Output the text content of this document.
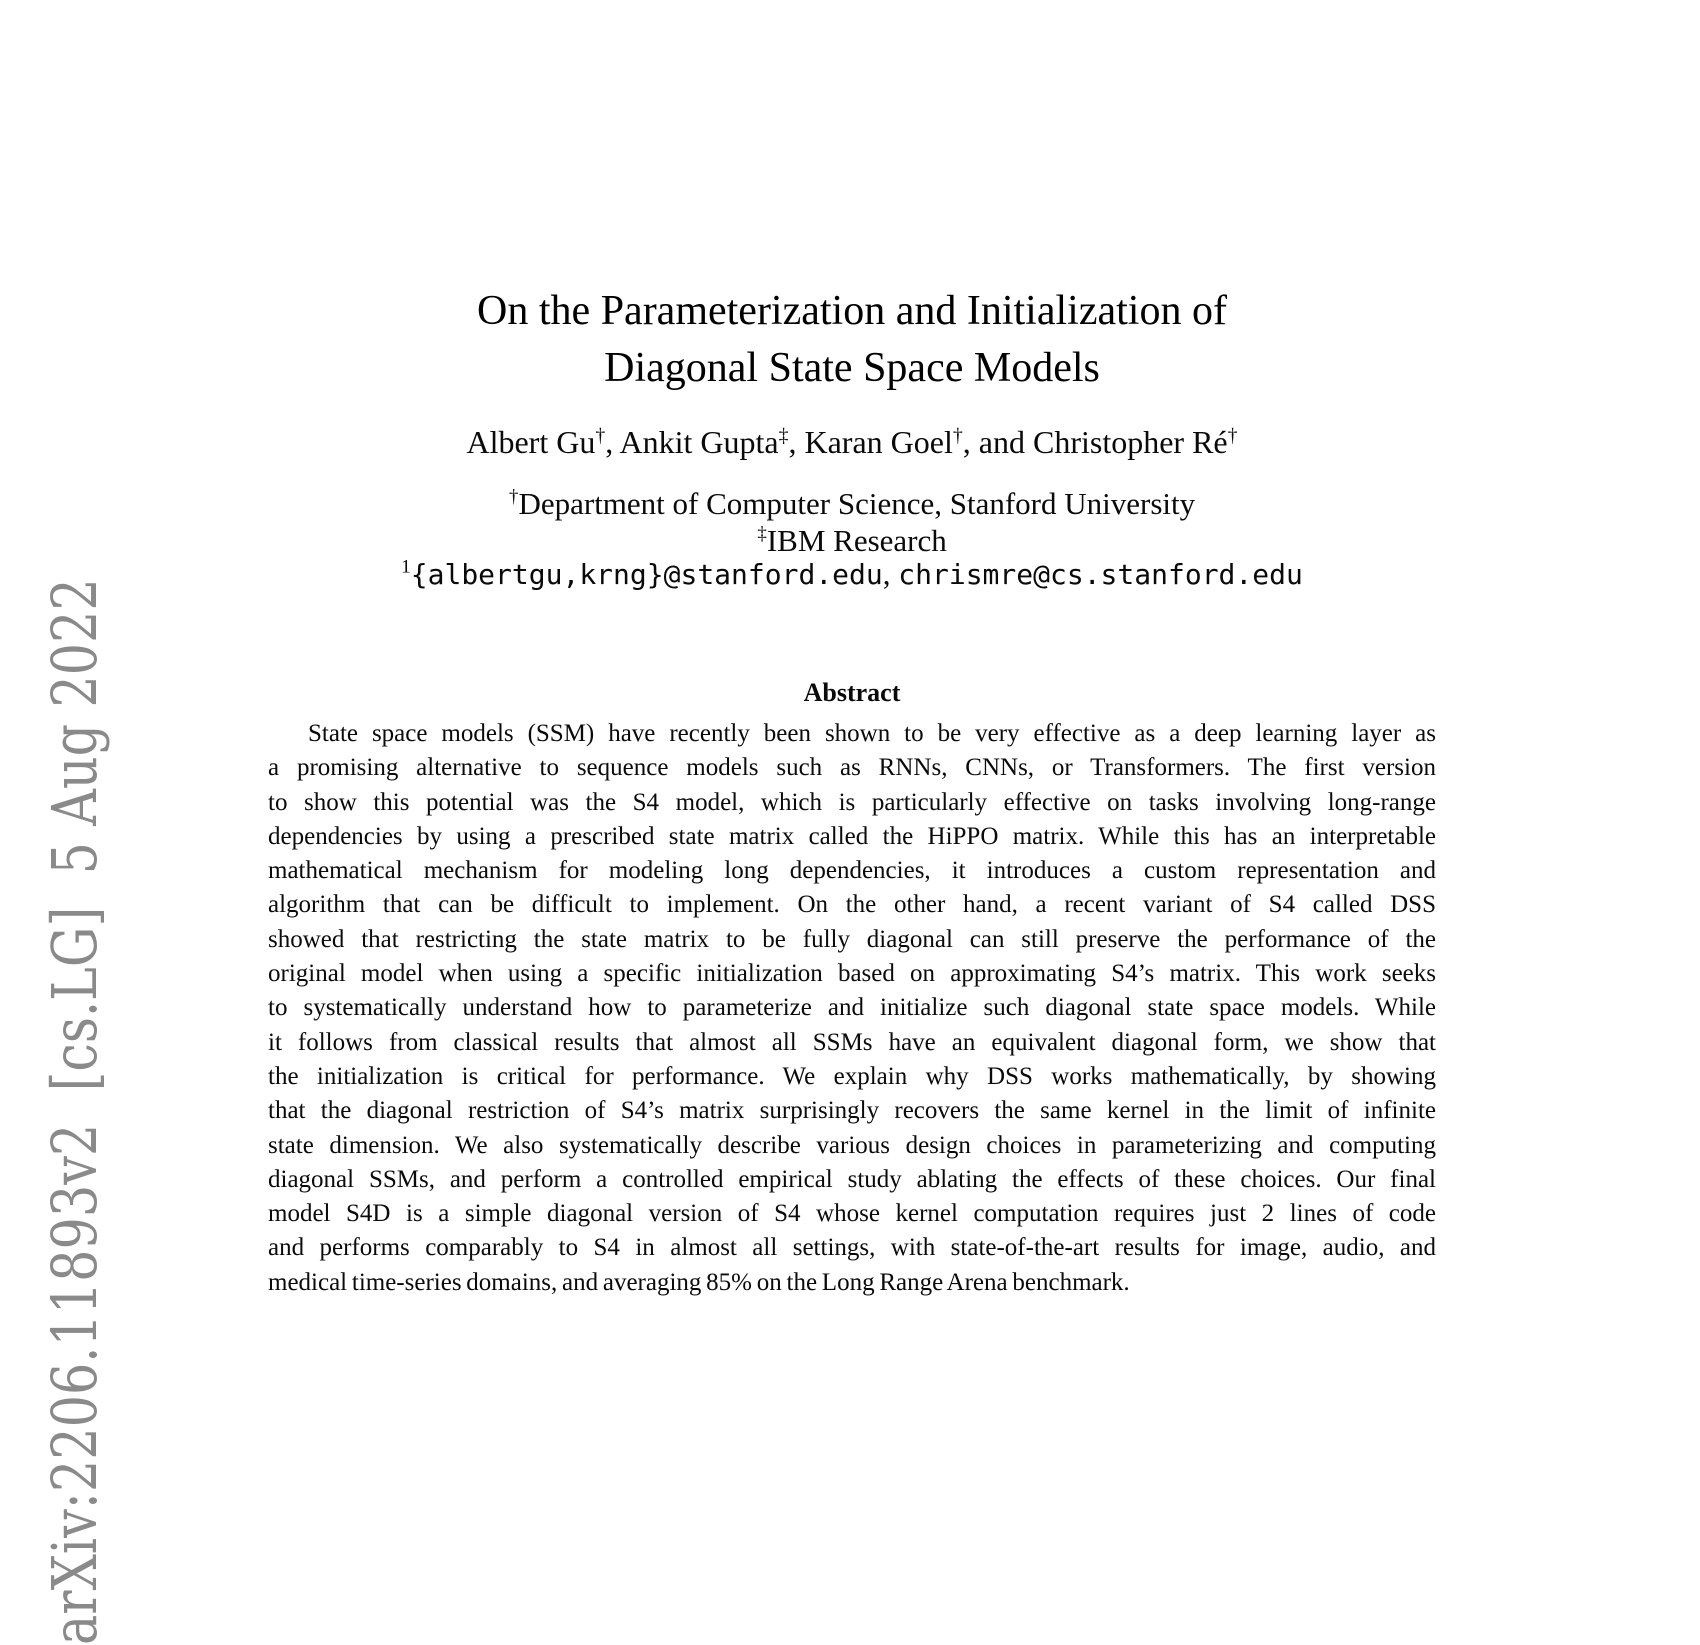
arXiv:2206.11893v2  [cs.LG]  5 Aug 2022
On the Parameterization and Initialization of
Diagonal State Space Models
Albert Gu†, Ankit Gupta‡, Karan Goel†, and Christopher Ré†
†Department of Computer Science, Stanford University
‡IBM Research
$^1${albertgu,krng}@stanford.edu, chrismre@cs.stanford.edu
Abstract
State space models (SSM) have recently been shown to be very effective as a deep learning layer as
a promising alternative to sequence models such as RNNs, CNNs, or Transformers. The first version
to show this potential was the S4 model, which is particularly effective on tasks involving long-range
dependencies by using a prescribed state matrix called the HiPPO matrix. While this has an interpretable
mathematical mechanism for modeling long dependencies, it introduces a custom representation and
algorithm that can be difficult to implement. On the other hand, a recent variant of S4 called DSS
showed that restricting the state matrix to be fully diagonal can still preserve the performance of the
original model when using a specific initialization based on approximating S4’s matrix. This work seeks
to systematically understand how to parameterize and initialize such diagonal state space models. While
it follows from classical results that almost all SSMs have an equivalent diagonal form, we show that
the initialization is critical for performance. We explain why DSS works mathematically, by showing
that the diagonal restriction of S4’s matrix surprisingly recovers the same kernel in the limit of infinite
state dimension. We also systematically describe various design choices in parameterizing and computing
diagonal SSMs, and perform a controlled empirical study ablating the effects of these choices. Our final
model S4D is a simple diagonal version of S4 whose kernel computation requires just 2 lines of code
and performs comparably to S4 in almost all settings, with state-of-the-art results for image, audio, and
medical time-series domains, and averaging 85% on the Long Range Arena benchmark.
